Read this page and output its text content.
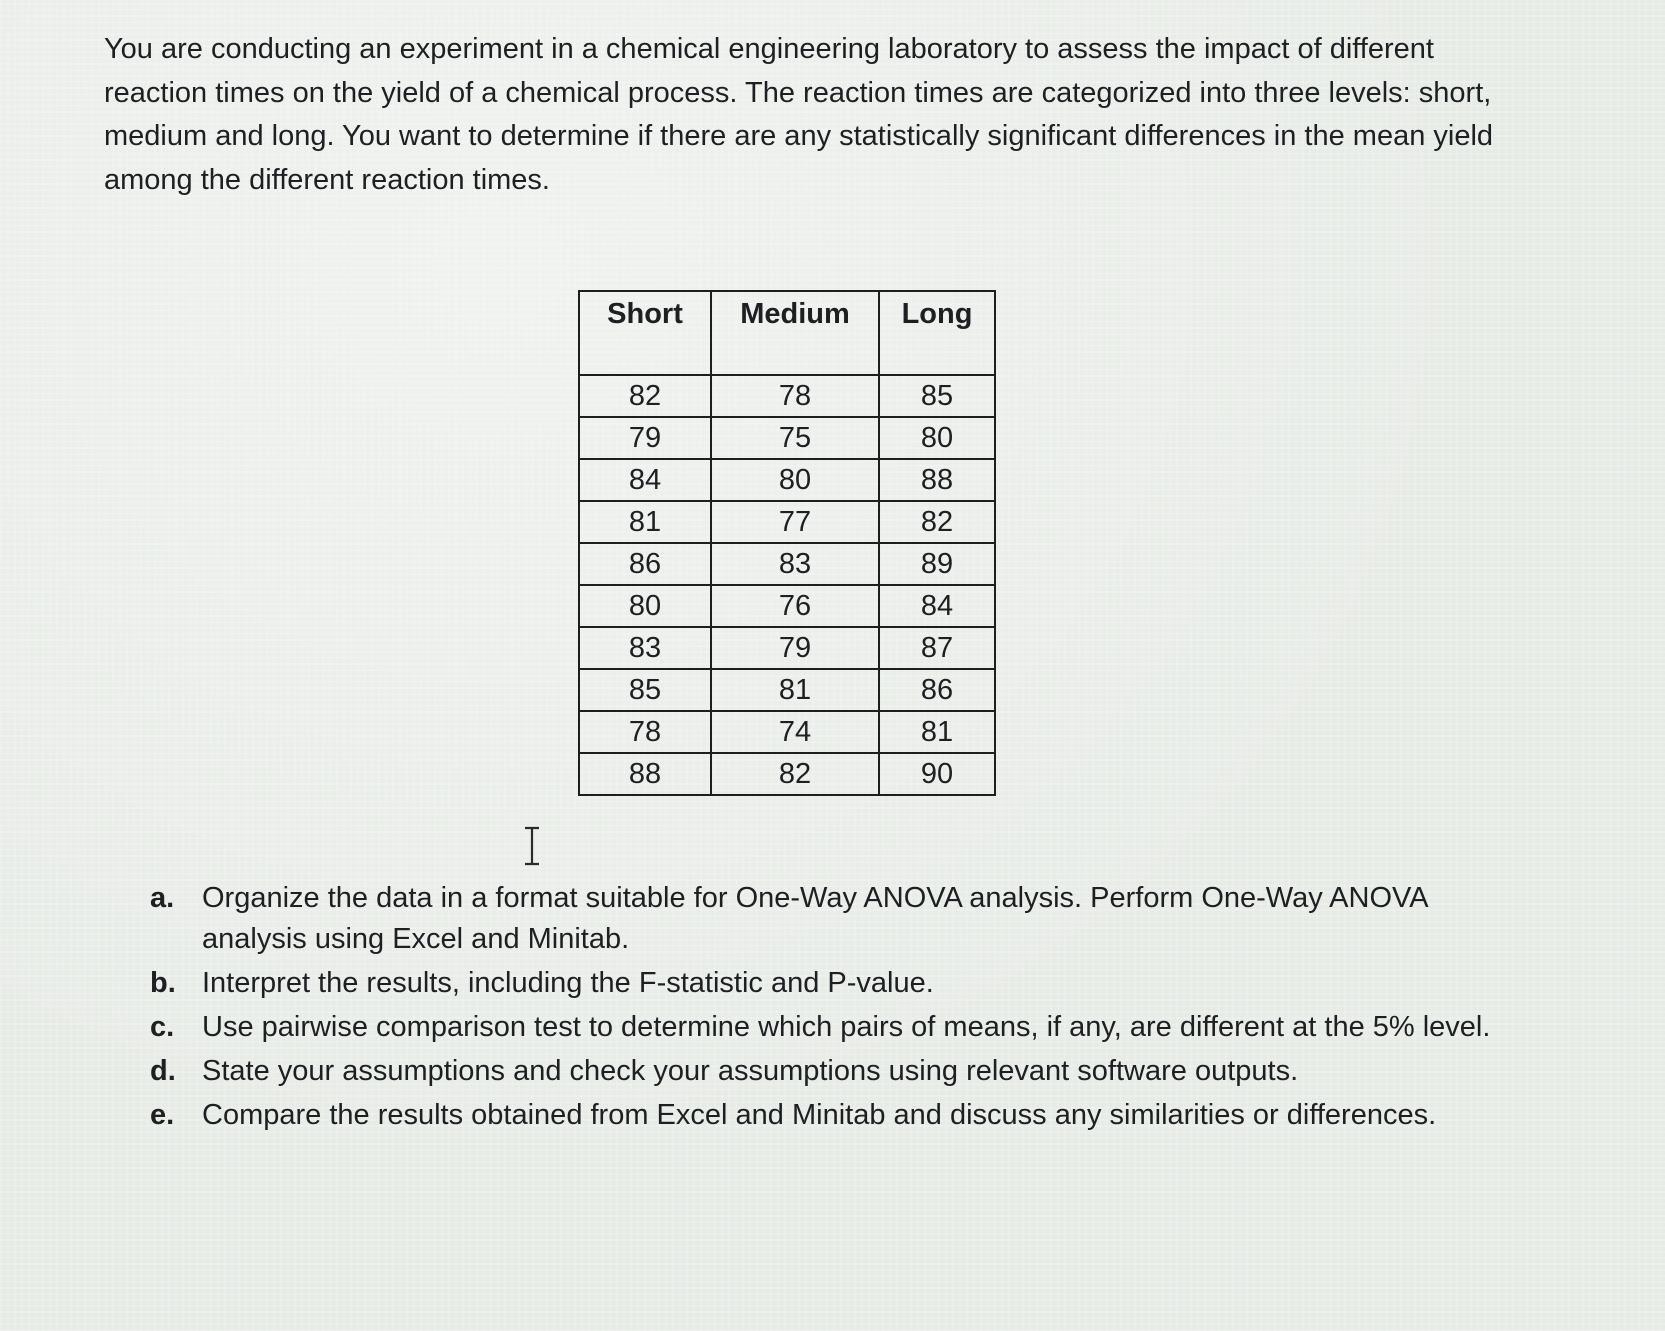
You are conducting an experiment in a chemical engineering laboratory to assess the impact of different reaction times on the yield of a chemical process. The reaction times are categorized into three levels: short, medium and long. You want to determine if there are any statistically significant differences in the mean yield among the different reaction times.

Short	Medium	Long
82	78	85
79	75	80
84	80	88
81	77	82
86	83	89
80	76	84
83	79	87
85	81	86
78	74	81
88	82	90
a. Organize the data in a format suitable for One-Way ANOVA analysis. Perform One-Way ANOVA analysis using Excel and Minitab.
b. Interpret the results, including the F-statistic and P-value.
c. Use pairwise comparison test to determine which pairs of means, if any, are different at the 5% level.
d. State your assumptions and check your assumptions using relevant software outputs.
e. Compare the results obtained from Excel and Minitab and discuss any similarities or differences.
